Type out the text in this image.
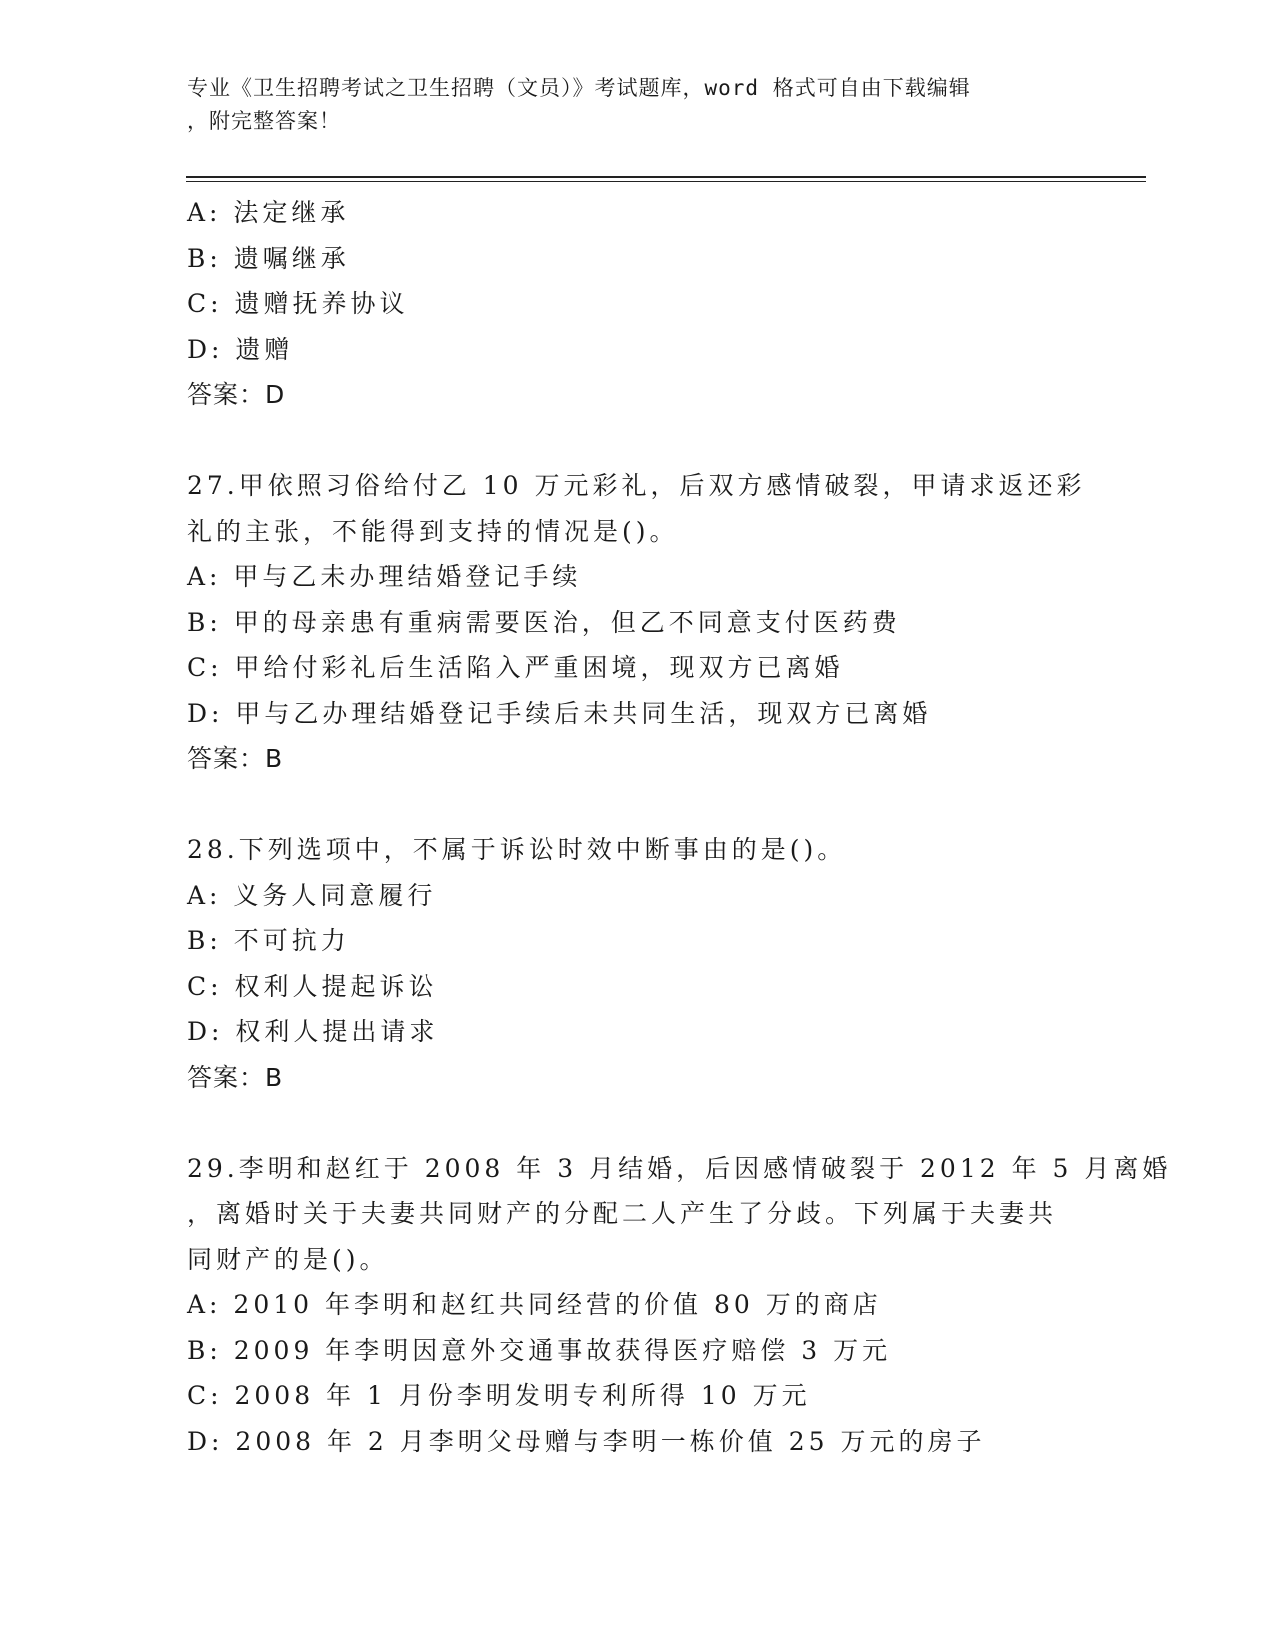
专业《卫生招聘考试之卫生招聘（文员）》考试题库，word 格式可自由下载编辑
，附完整答案！
A: 法定继承
B: 遗嘱继承
C: 遗赠抚养协议
D: 遗赠
答案：D
27.甲依照习俗给付乙 10 万元彩礼，后双方感情破裂，甲请求返还彩
礼的主张，不能得到支持的情况是()。
A: 甲与乙未办理结婚登记手续
B: 甲的母亲患有重病需要医治，但乙不同意支付医药费
C: 甲给付彩礼后生活陷入严重困境，现双方已离婚
D: 甲与乙办理结婚登记手续后未共同生活，现双方已离婚
答案：B
28.下列选项中，不属于诉讼时效中断事由的是()。
A: 义务人同意履行
B: 不可抗力
C: 权利人提起诉讼
D: 权利人提出请求
答案：B
29.李明和赵红于 2008 年 3 月结婚，后因感情破裂于 2012 年 5 月离婚
，离婚时关于夫妻共同财产的分配二人产生了分歧。下列属于夫妻共
同财产的是()。
A: 2010 年李明和赵红共同经营的价值 80 万的商店
B: 2009 年李明因意外交通事故获得医疗赔偿 3 万元
C: 2008 年 1 月份李明发明专利所得 10 万元
D: 2008 年 2 月李明父母赠与李明一栋价值 25 万元的房子
